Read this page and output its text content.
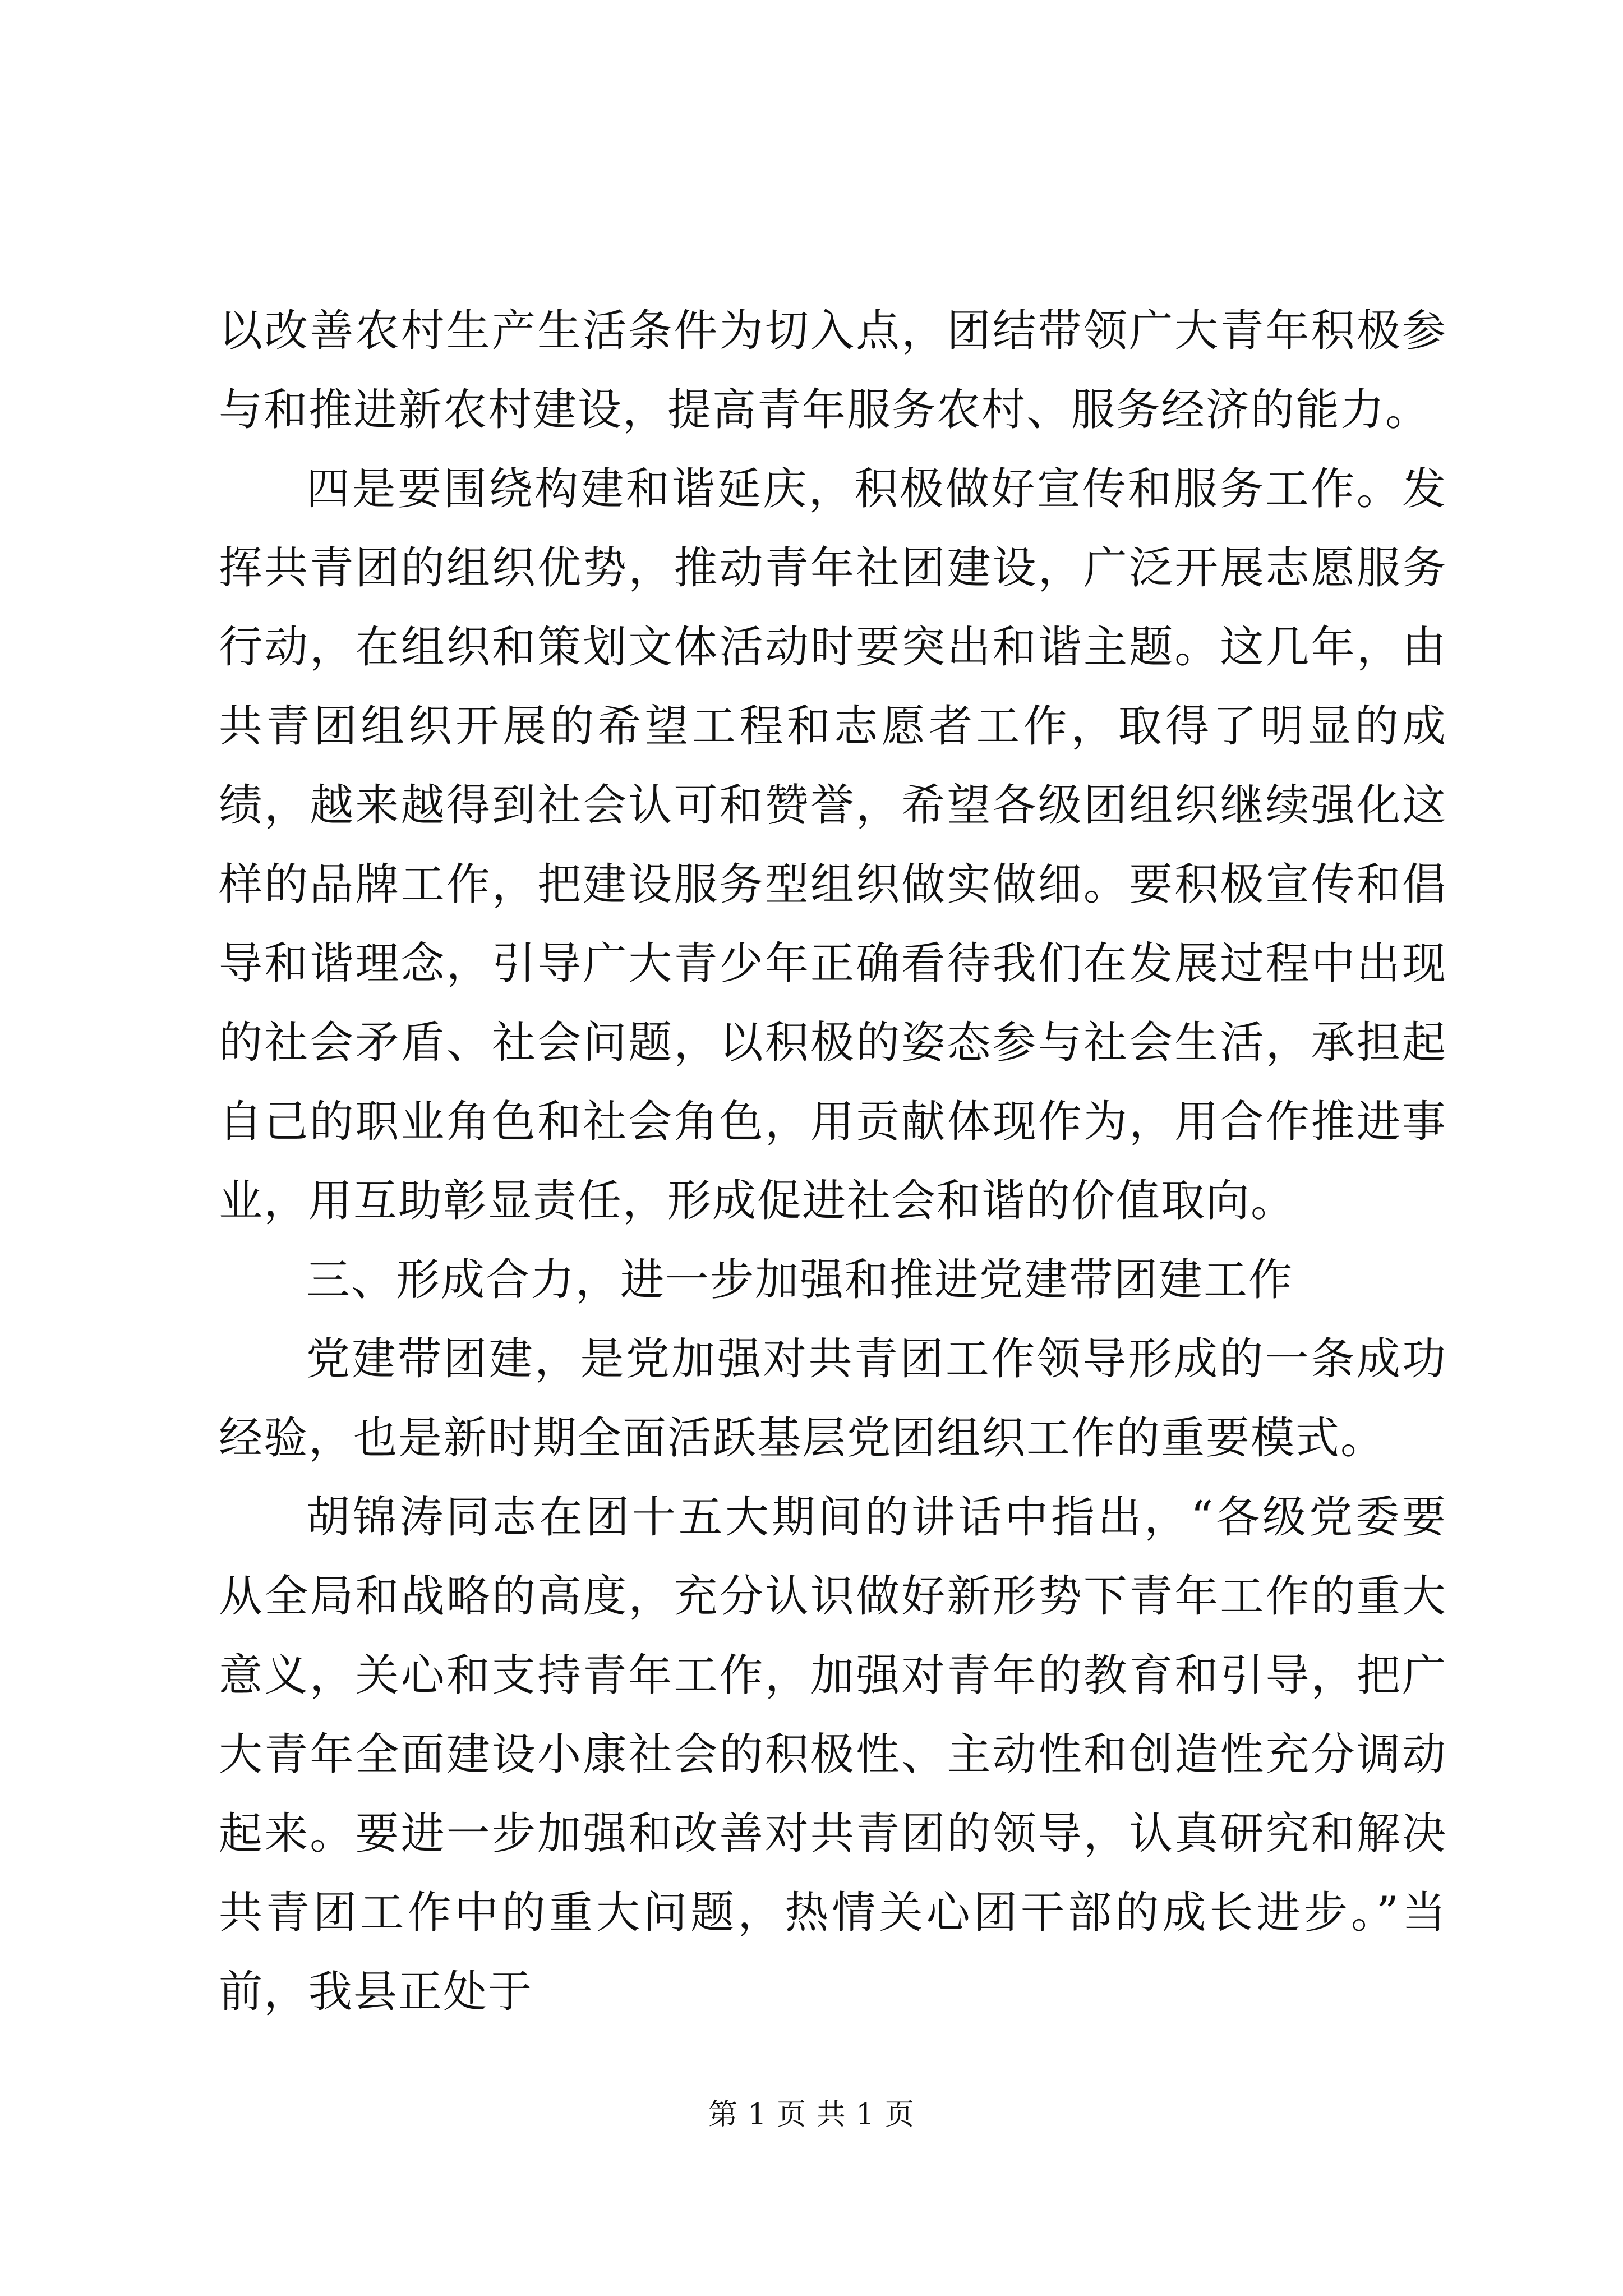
以改善农村生产生活条件为切入点，团结带领广大青年积极参与和推进新农村建设，提高青年服务农村、服务经济的能力。

四是要围绕构建和谐延庆，积极做好宣传和服务工作。发挥共青团的组织优势，推动青年社团建设，广泛开展志愿服务行动，在组织和策划文体活动时要突出和谐主题。这几年，由共青团组织开展的希望工程和志愿者工作，取得了明显的成绩，越来越得到社会认可和赞誉，希望各级团组织继续强化这样的品牌工作，把建设服务型组织做实做细。要积极宣传和倡导和谐理念，引导广大青少年正确看待我们在发展过程中出现的社会矛盾、社会问题，以积极的姿态参与社会生活，承担起自己的职业角色和社会角色，用贡献体现作为，用合作推进事业，用互助彰显责任，形成促进社会和谐的价值取向。

三、形成合力，进一步加强和推进党建带团建工作

党建带团建，是党加强对共青团工作领导形成的一条成功经验，也是新时期全面活跃基层党团组织工作的重要模式。

胡锦涛同志在团十五大期间的讲话中指出，“各级党委要从全局和战略的高度，充分认识做好新形势下青年工作的重大意义，关心和支持青年工作，加强对青年的教育和引导，把广大青年全面建设小康社会的积极性、主动性和创造性充分调动起来。要进一步加强和改善对共青团的领导，认真研究和解决共青团工作中的重大问题，热情关心团干部的成长进步。”当前，我县正处于

第 1 页 共 1 页
